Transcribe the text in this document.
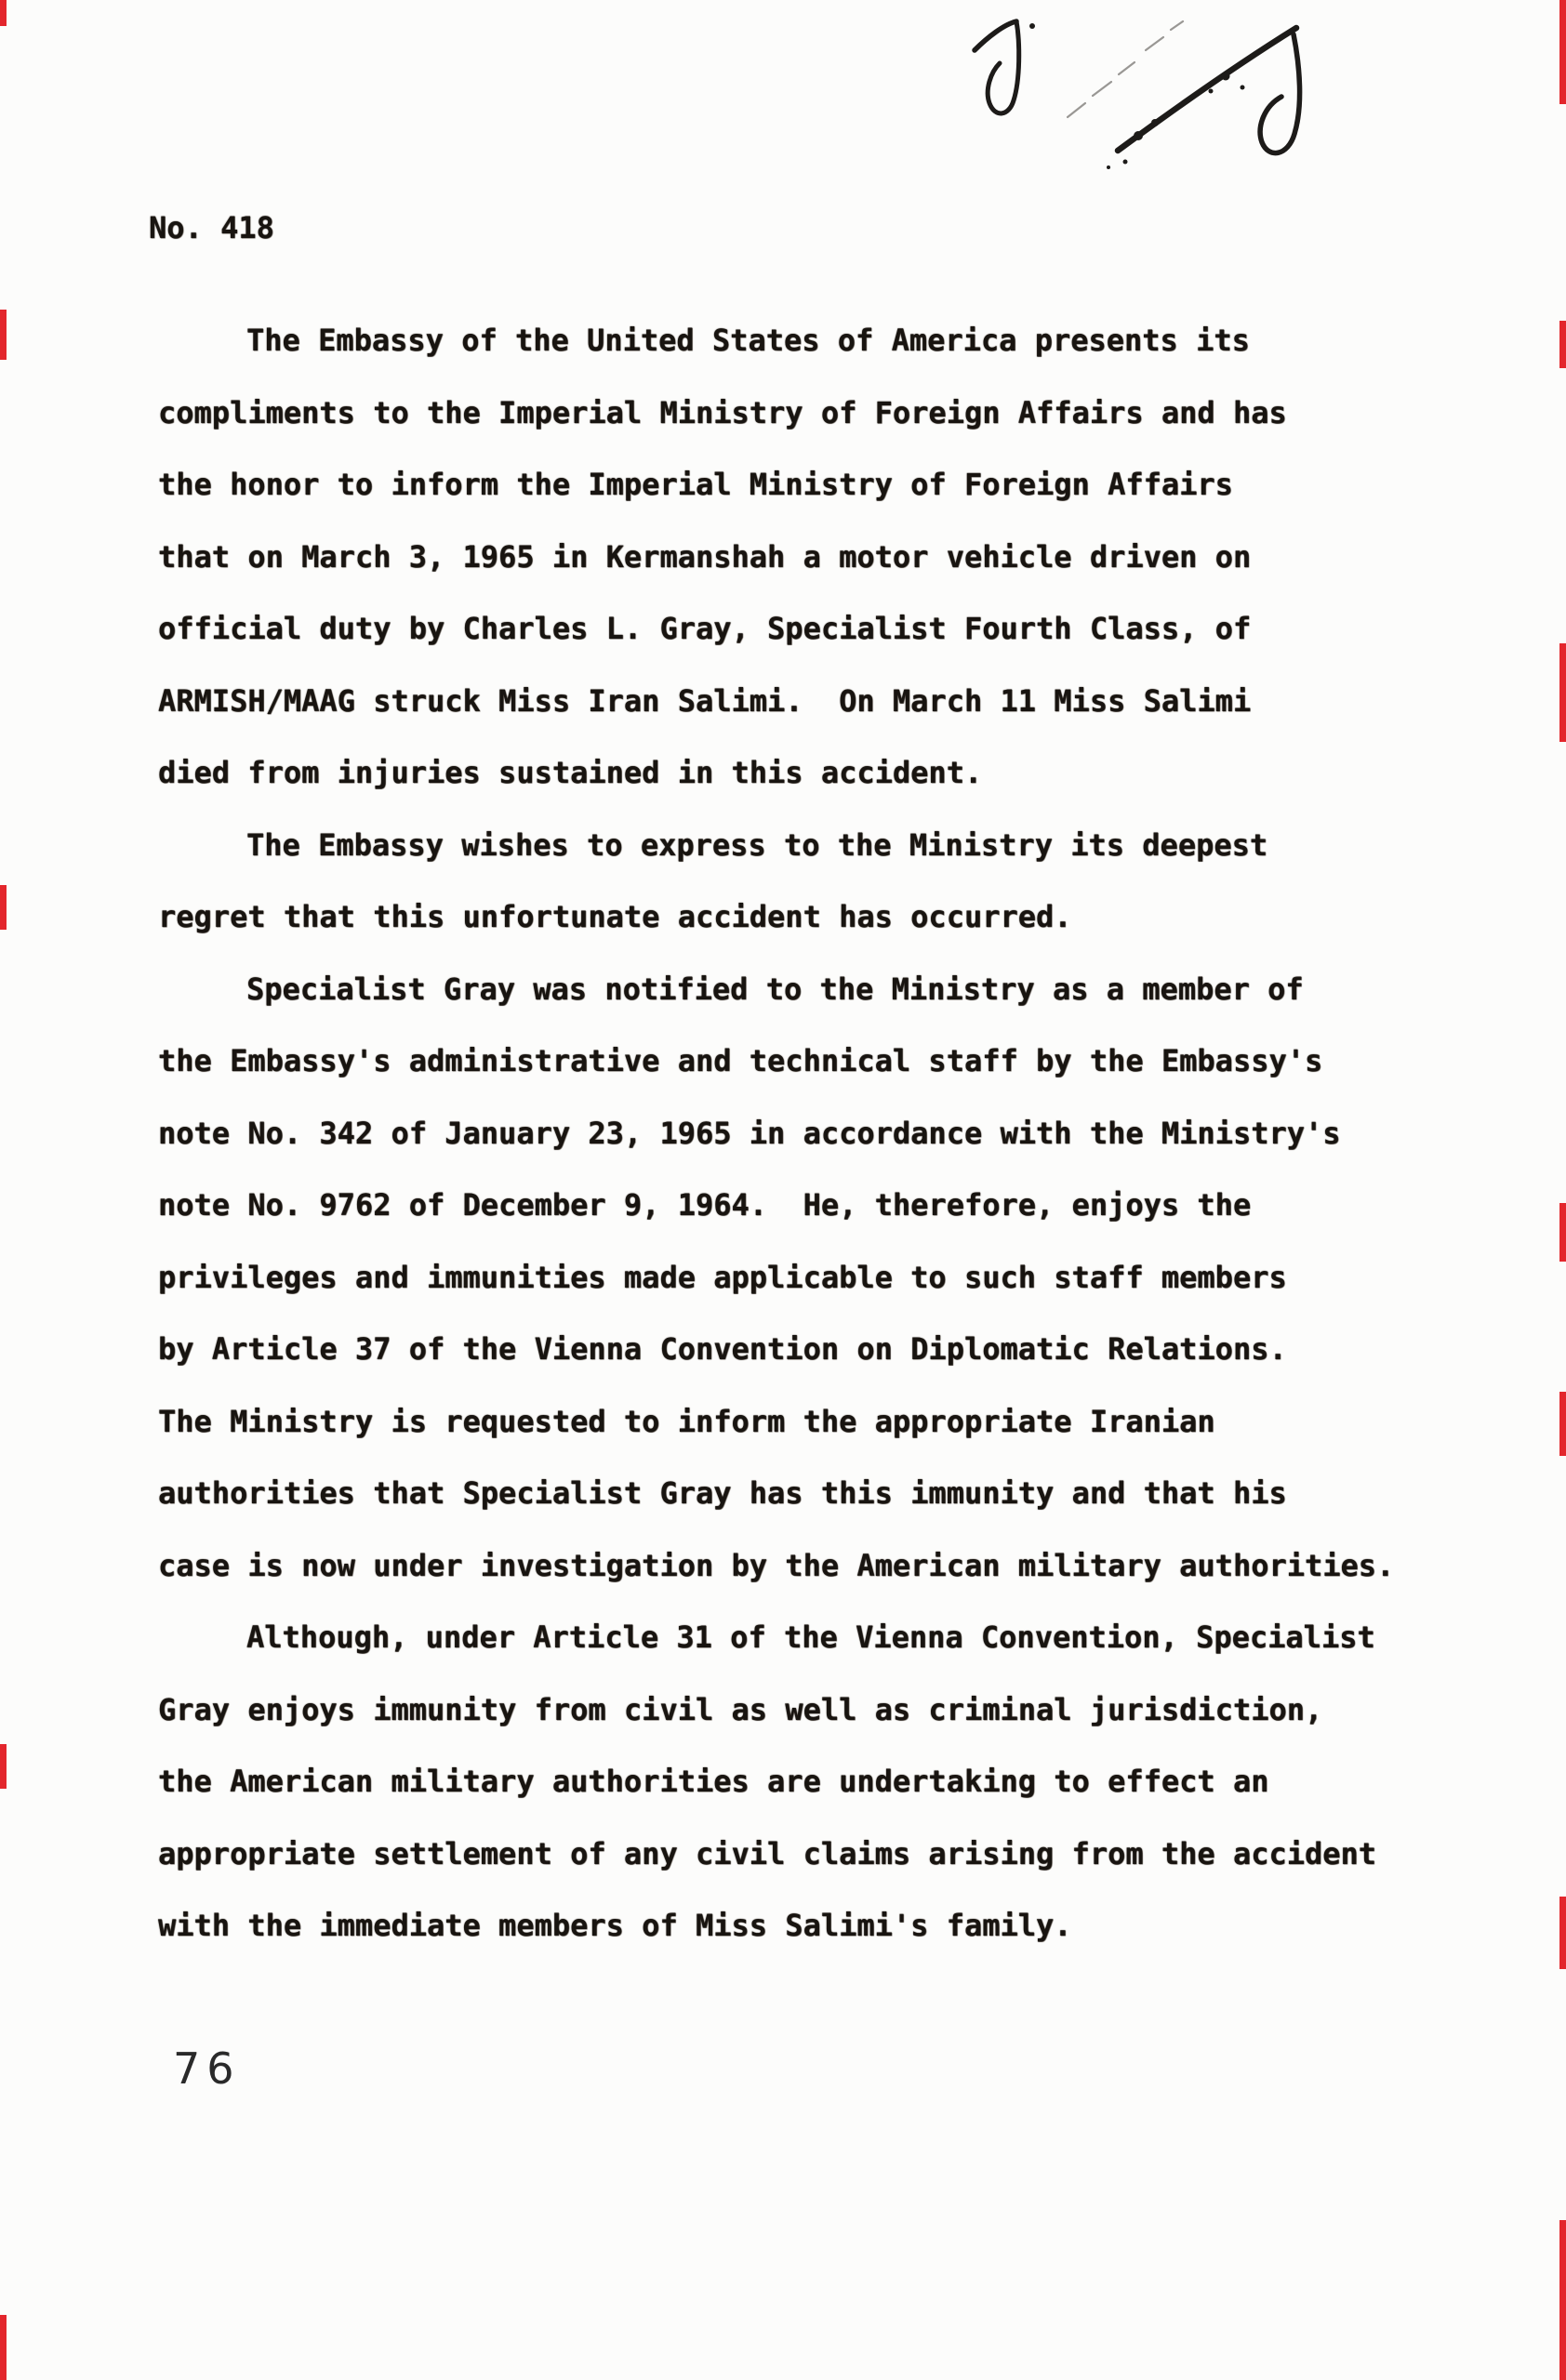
No. 418
The Embassy of the United States of America presents its
compliments to the Imperial Ministry of Foreign Affairs and has
the honor to inform the Imperial Ministry of Foreign Affairs
that on March 3, 1965 in Kermanshah a motor vehicle driven on
official duty by Charles L. Gray, Specialist Fourth Class, of
ARMISH/MAAG struck Miss Iran Salimi.  On March 11 Miss Salimi
died from injuries sustained in this accident.
The Embassy wishes to express to the Ministry its deepest
regret that this unfortunate accident has occurred.
Specialist Gray was notified to the Ministry as a member of
the Embassy's administrative and technical staff by the Embassy's
note No. 342 of January 23, 1965 in accordance with the Ministry's
note No. 9762 of December 9, 1964.  He, therefore, enjoys the
privileges and immunities made applicable to such staff members
by Article 37 of the Vienna Convention on Diplomatic Relations.
The Ministry is requested to inform the appropriate Iranian
authorities that Specialist Gray has this immunity and that his
case is now under investigation by the American military authorities.
Although, under Article 31 of the Vienna Convention, Specialist
Gray enjoys immunity from civil as well as criminal jurisdiction,
the American military authorities are undertaking to effect an
appropriate settlement of any civil claims arising from the accident
with the immediate members of Miss Salimi's family.
76
